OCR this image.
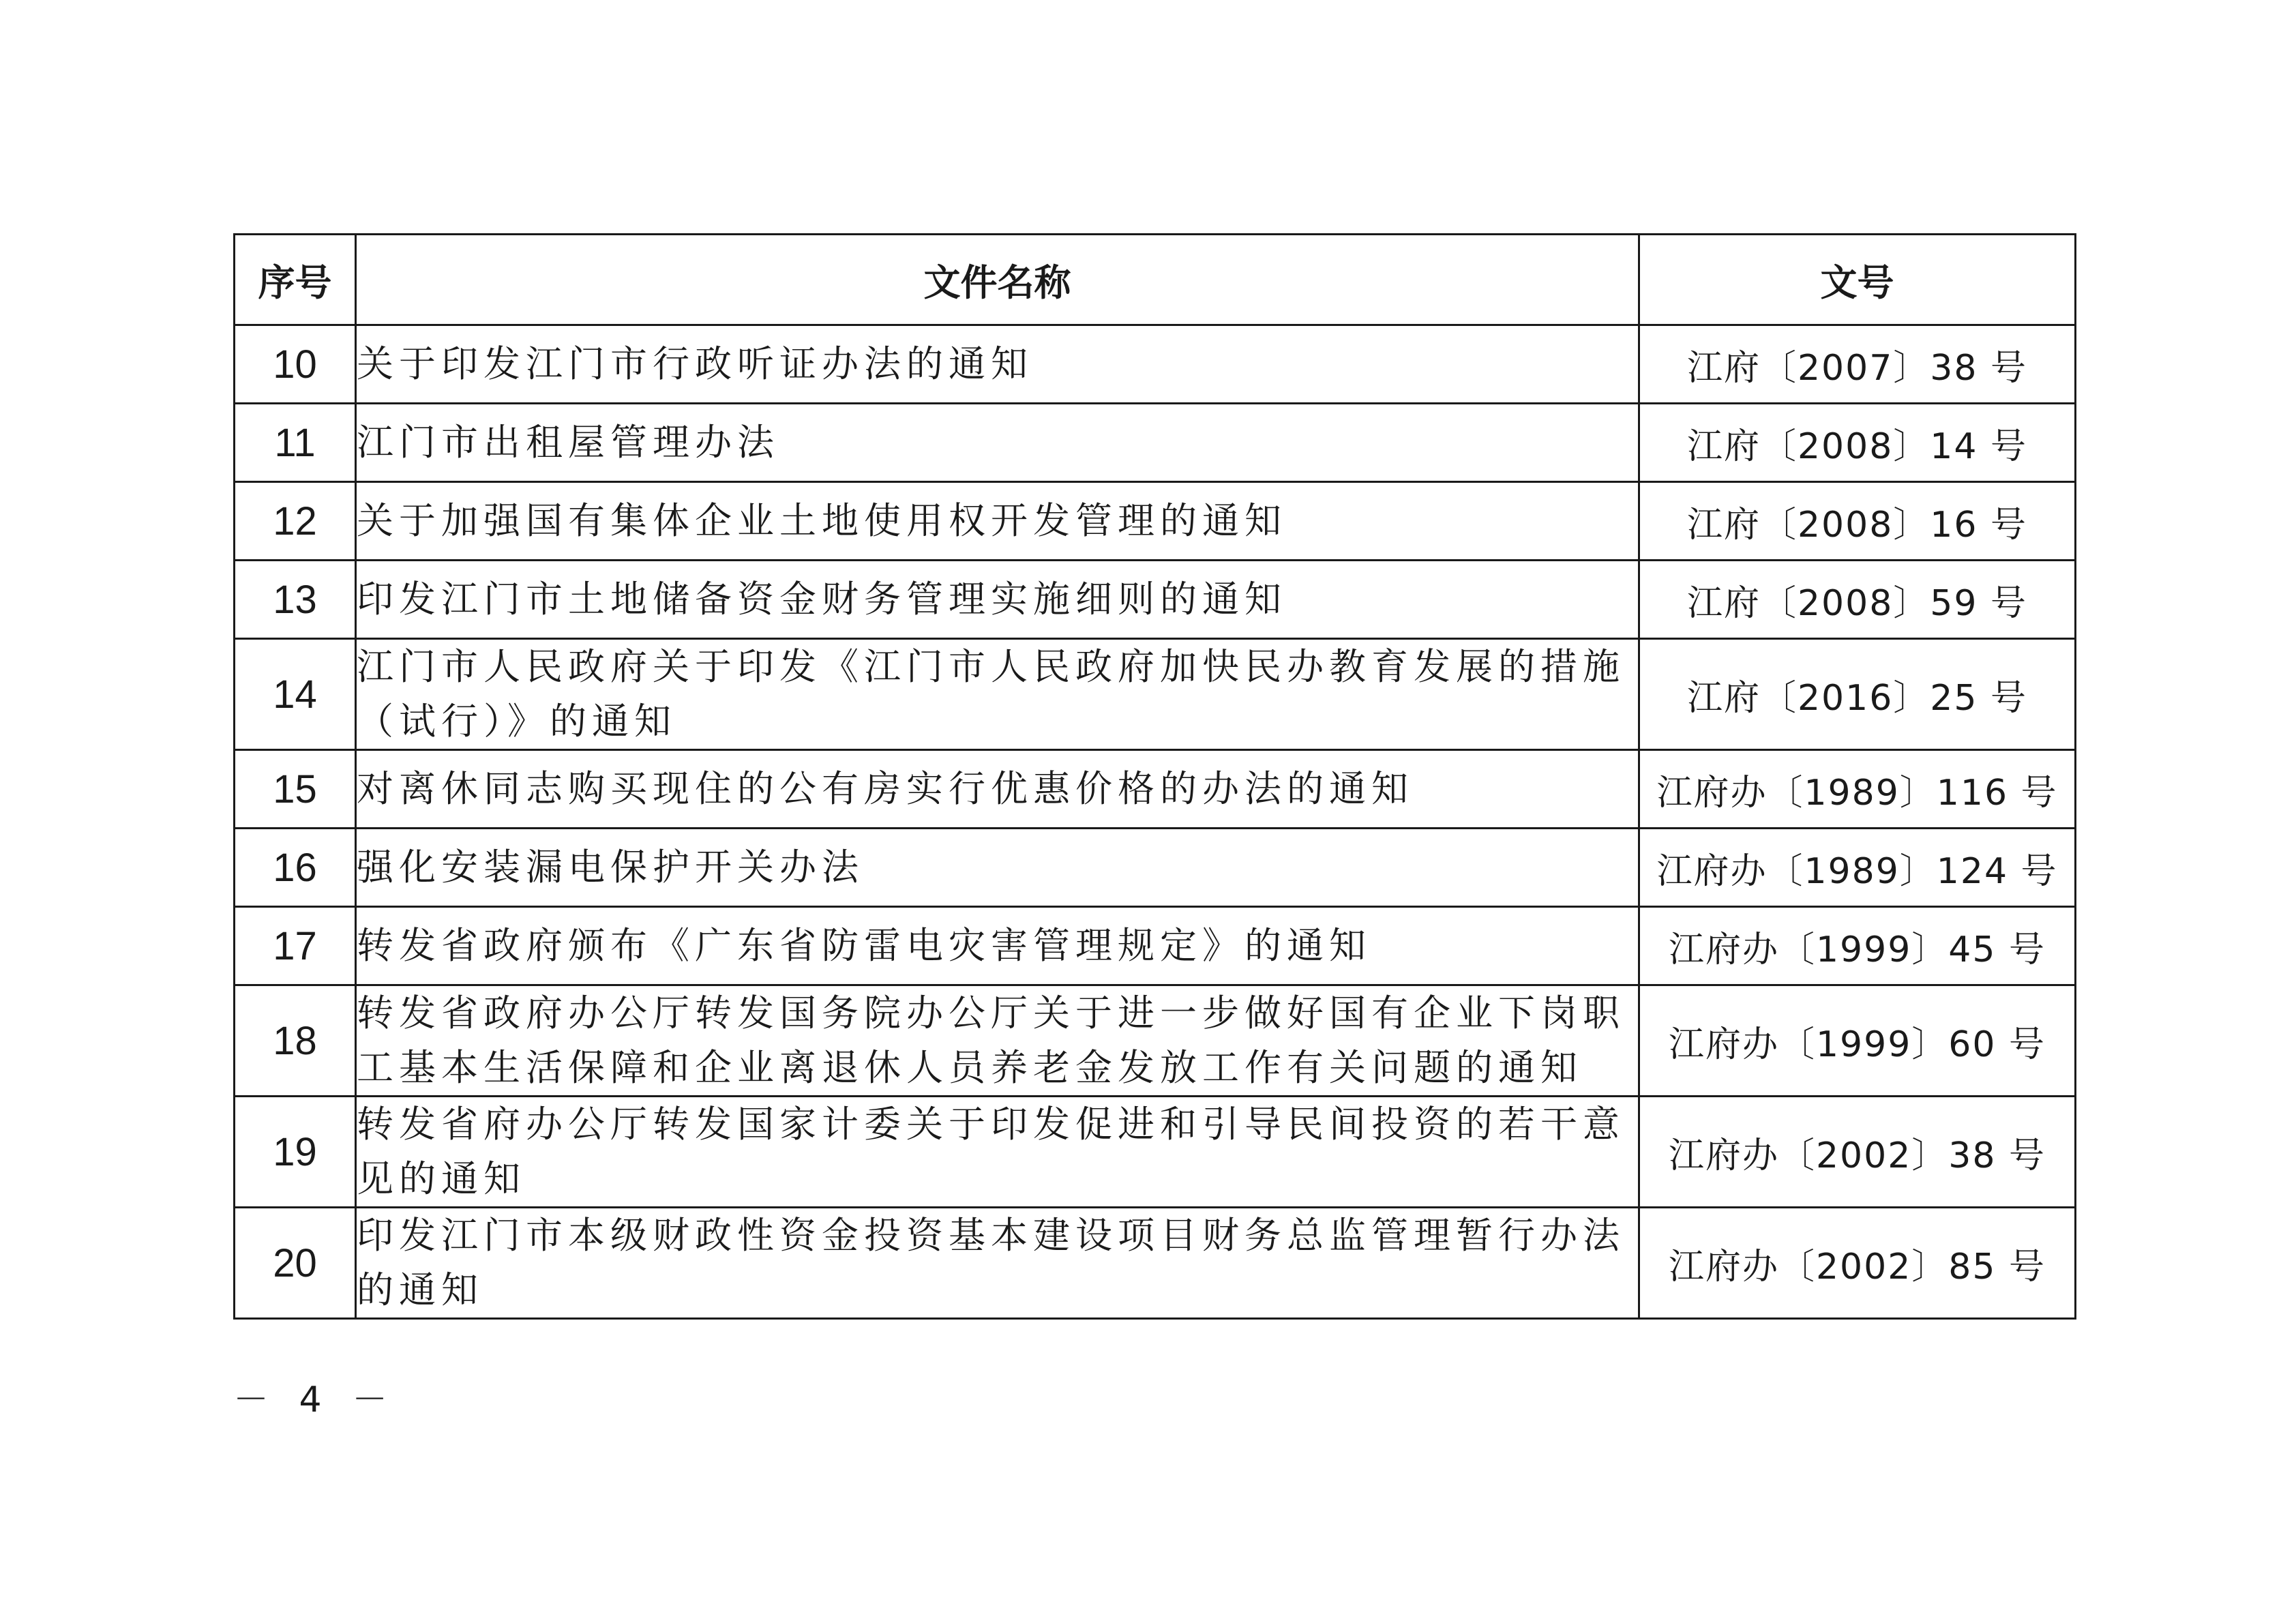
序号	文件名称	文号
10	关于印发江门市行政听证办法的通知	江府〔2007〕38 号
11	江门市出租屋管理办法	江府〔2008〕14 号
12	关于加强国有集体企业土地使用权开发管理的通知	江府〔2008〕16 号
13	印发江门市土地储备资金财务管理实施细则的通知	江府〔2008〕59 号
14	江门市人民政府关于印发《江门市人民政府加快民办教育发展的措施（试行）》的通知	江府〔2016〕25 号
15	对离休同志购买现住的公有房实行优惠价格的办法的通知	江府办〔1989〕116 号
16	强化安装漏电保护开关办法	江府办〔1989〕124 号
17	转发省政府颁布《广东省防雷电灾害管理规定》的通知	江府办〔1999〕45 号
18	转发省政府办公厅转发国务院办公厅关于进一步做好国有企业下岗职工基本生活保障和企业离退休人员养老金发放工作有关问题的通知	江府办〔1999〕60 号
19	转发省府办公厅转发国家计委关于印发促进和引导民间投资的若干意见的通知	江府办〔2002〕38 号
20	印发江门市本级财政性资金投资基本建设项目财务总监管理暂行办法的通知	江府办〔2002〕85 号
－ 4 －
